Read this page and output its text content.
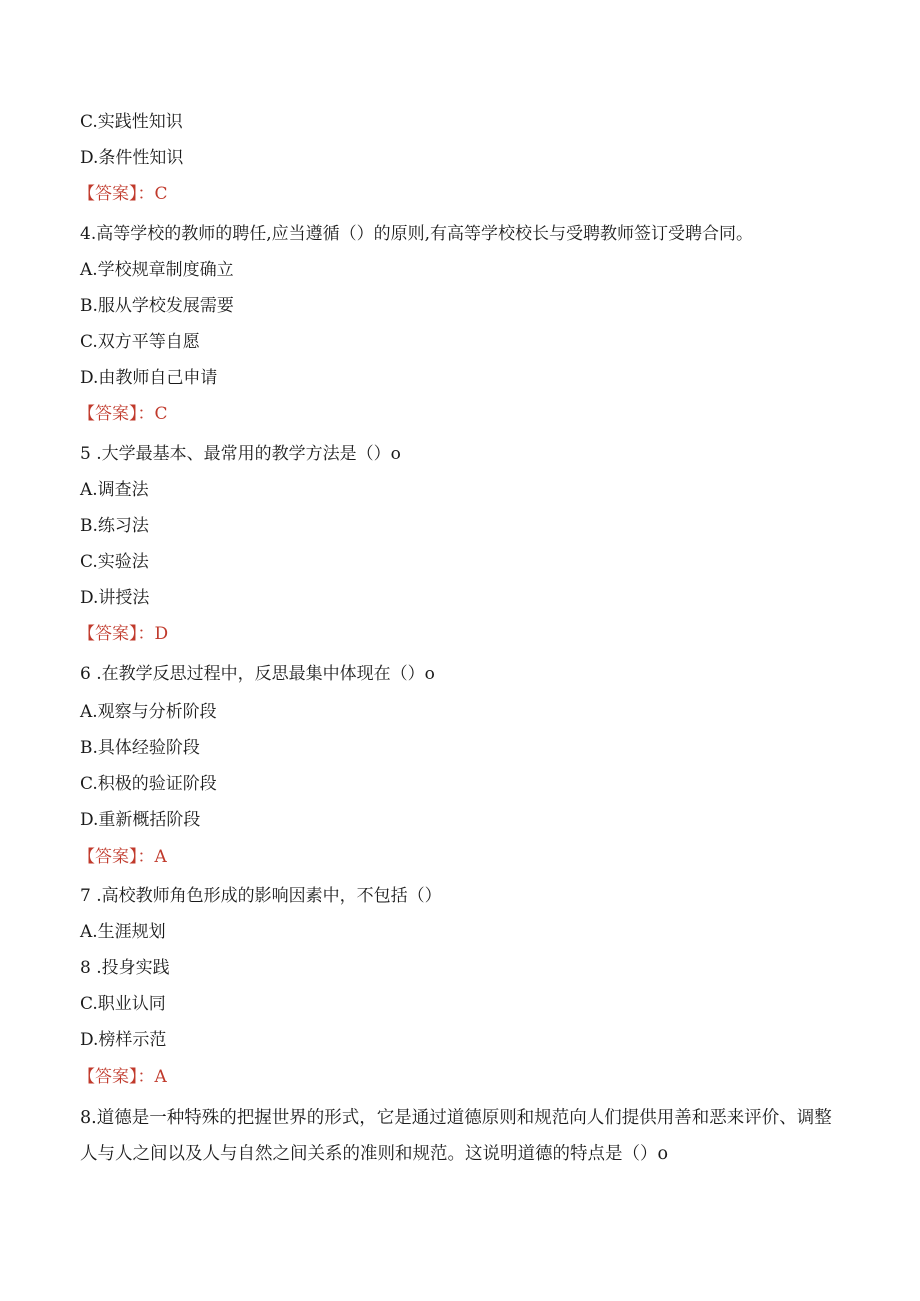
C.实践性知识
D.条件性知识
【答案】：C
4.高等学校的教师的聘任,应当遵循（）的原则,有高等学校校长与受聘教师签订受聘合同。
A.学校规章制度确立
B.服从学校发展需要
C.双方平等自愿
D.由教师自己申请
【答案】：C
5 .大学最基本、最常用的教学方法是（）o
A.调查法
B.练习法
C.实验法
D.讲授法
【答案】：D
6 .在教学反思过程中，反思最集中体现在（）o
A.观察与分析阶段
B.具体经验阶段
C.积极的验证阶段
D.重新概括阶段
【答案】：A
7 .高校教师角色形成的影响因素中，不包括（）
A.生涯规划
8 .投身实践
C.职业认同
D.榜样示范
【答案】：A
8.道德是一种特殊的把握世界的形式，它是通过道德原则和规范向人们提供用善和恶来评价、调整人与人之间以及人与自然之间关系的准则和规范。这说明道德的特点是（）o
